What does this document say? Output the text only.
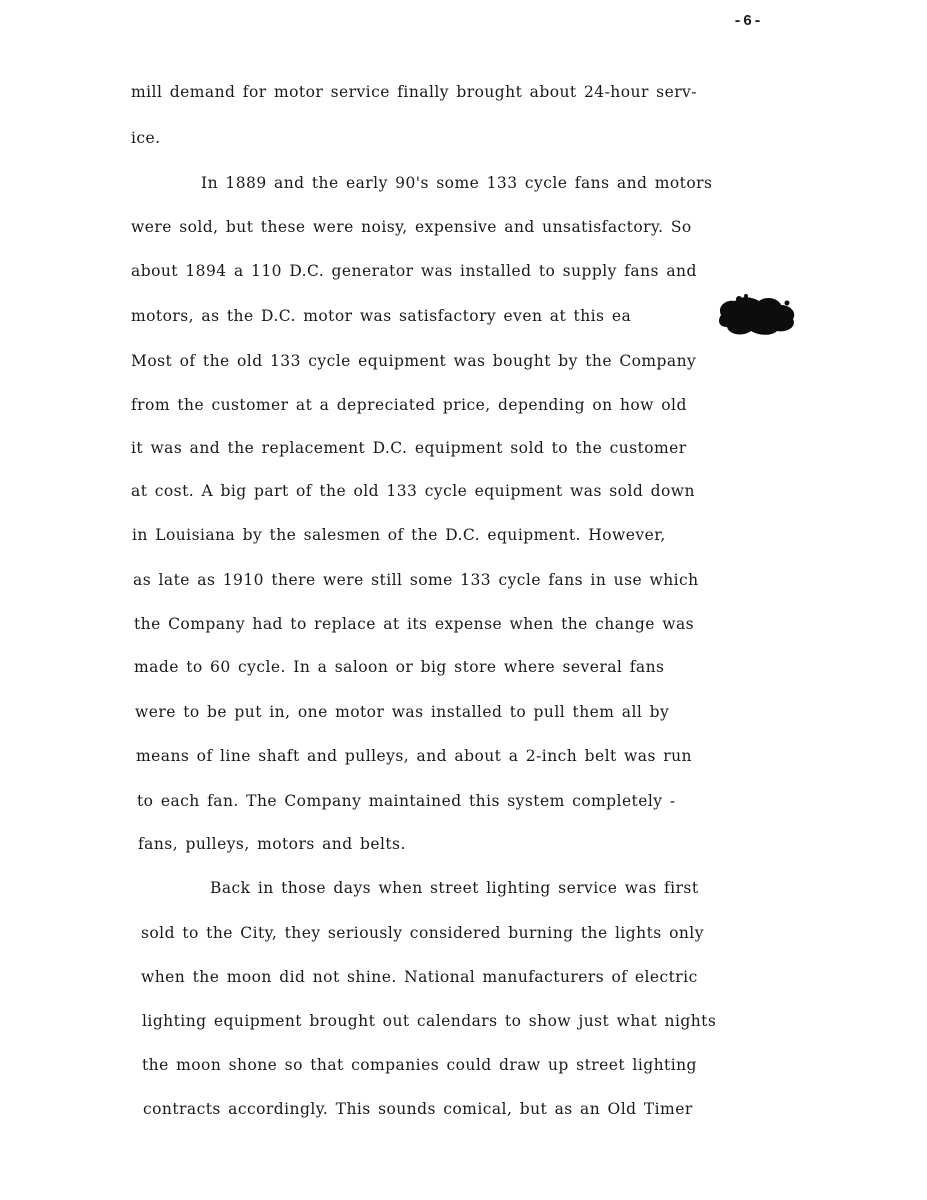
-6-
mill demand for motor service finally brought about 24-hour serv-
ice.
In 1889 and the early 90's some 133 cycle fans and motors
were sold, but these were noisy, expensive and unsatisfactory. So
about 1894 a 110 D.C. generator was installed to supply fans and
motors, as the D.C. motor was satisfactory even at this ea
Most of the old 133 cycle equipment was bought by the Company
from the customer at a depreciated price, depending on how old
it was and the replacement D.C. equipment sold to the customer
at cost. A big part of the old 133 cycle equipment was sold down
in Louisiana by the salesmen of the D.C. equipment. However,
as late as 1910 there were still some 133 cycle fans in use which
the Company had to replace at its expense when the change was
made to 60 cycle. In a saloon or big store where several fans
were to be put in, one motor was installed to pull them all by
means of line shaft and pulleys, and about a 2-inch belt was run
to each fan. The Company maintained this system completely -
fans, pulleys, motors and belts.
Back in those days when street lighting service was first
sold to the City, they seriously considered burning the lights only
when the moon did not shine. National manufacturers of electric
lighting equipment brought out calendars to show just what nights
the moon shone so that companies could draw up street lighting
contracts accordingly. This sounds comical, but as an Old Timer
